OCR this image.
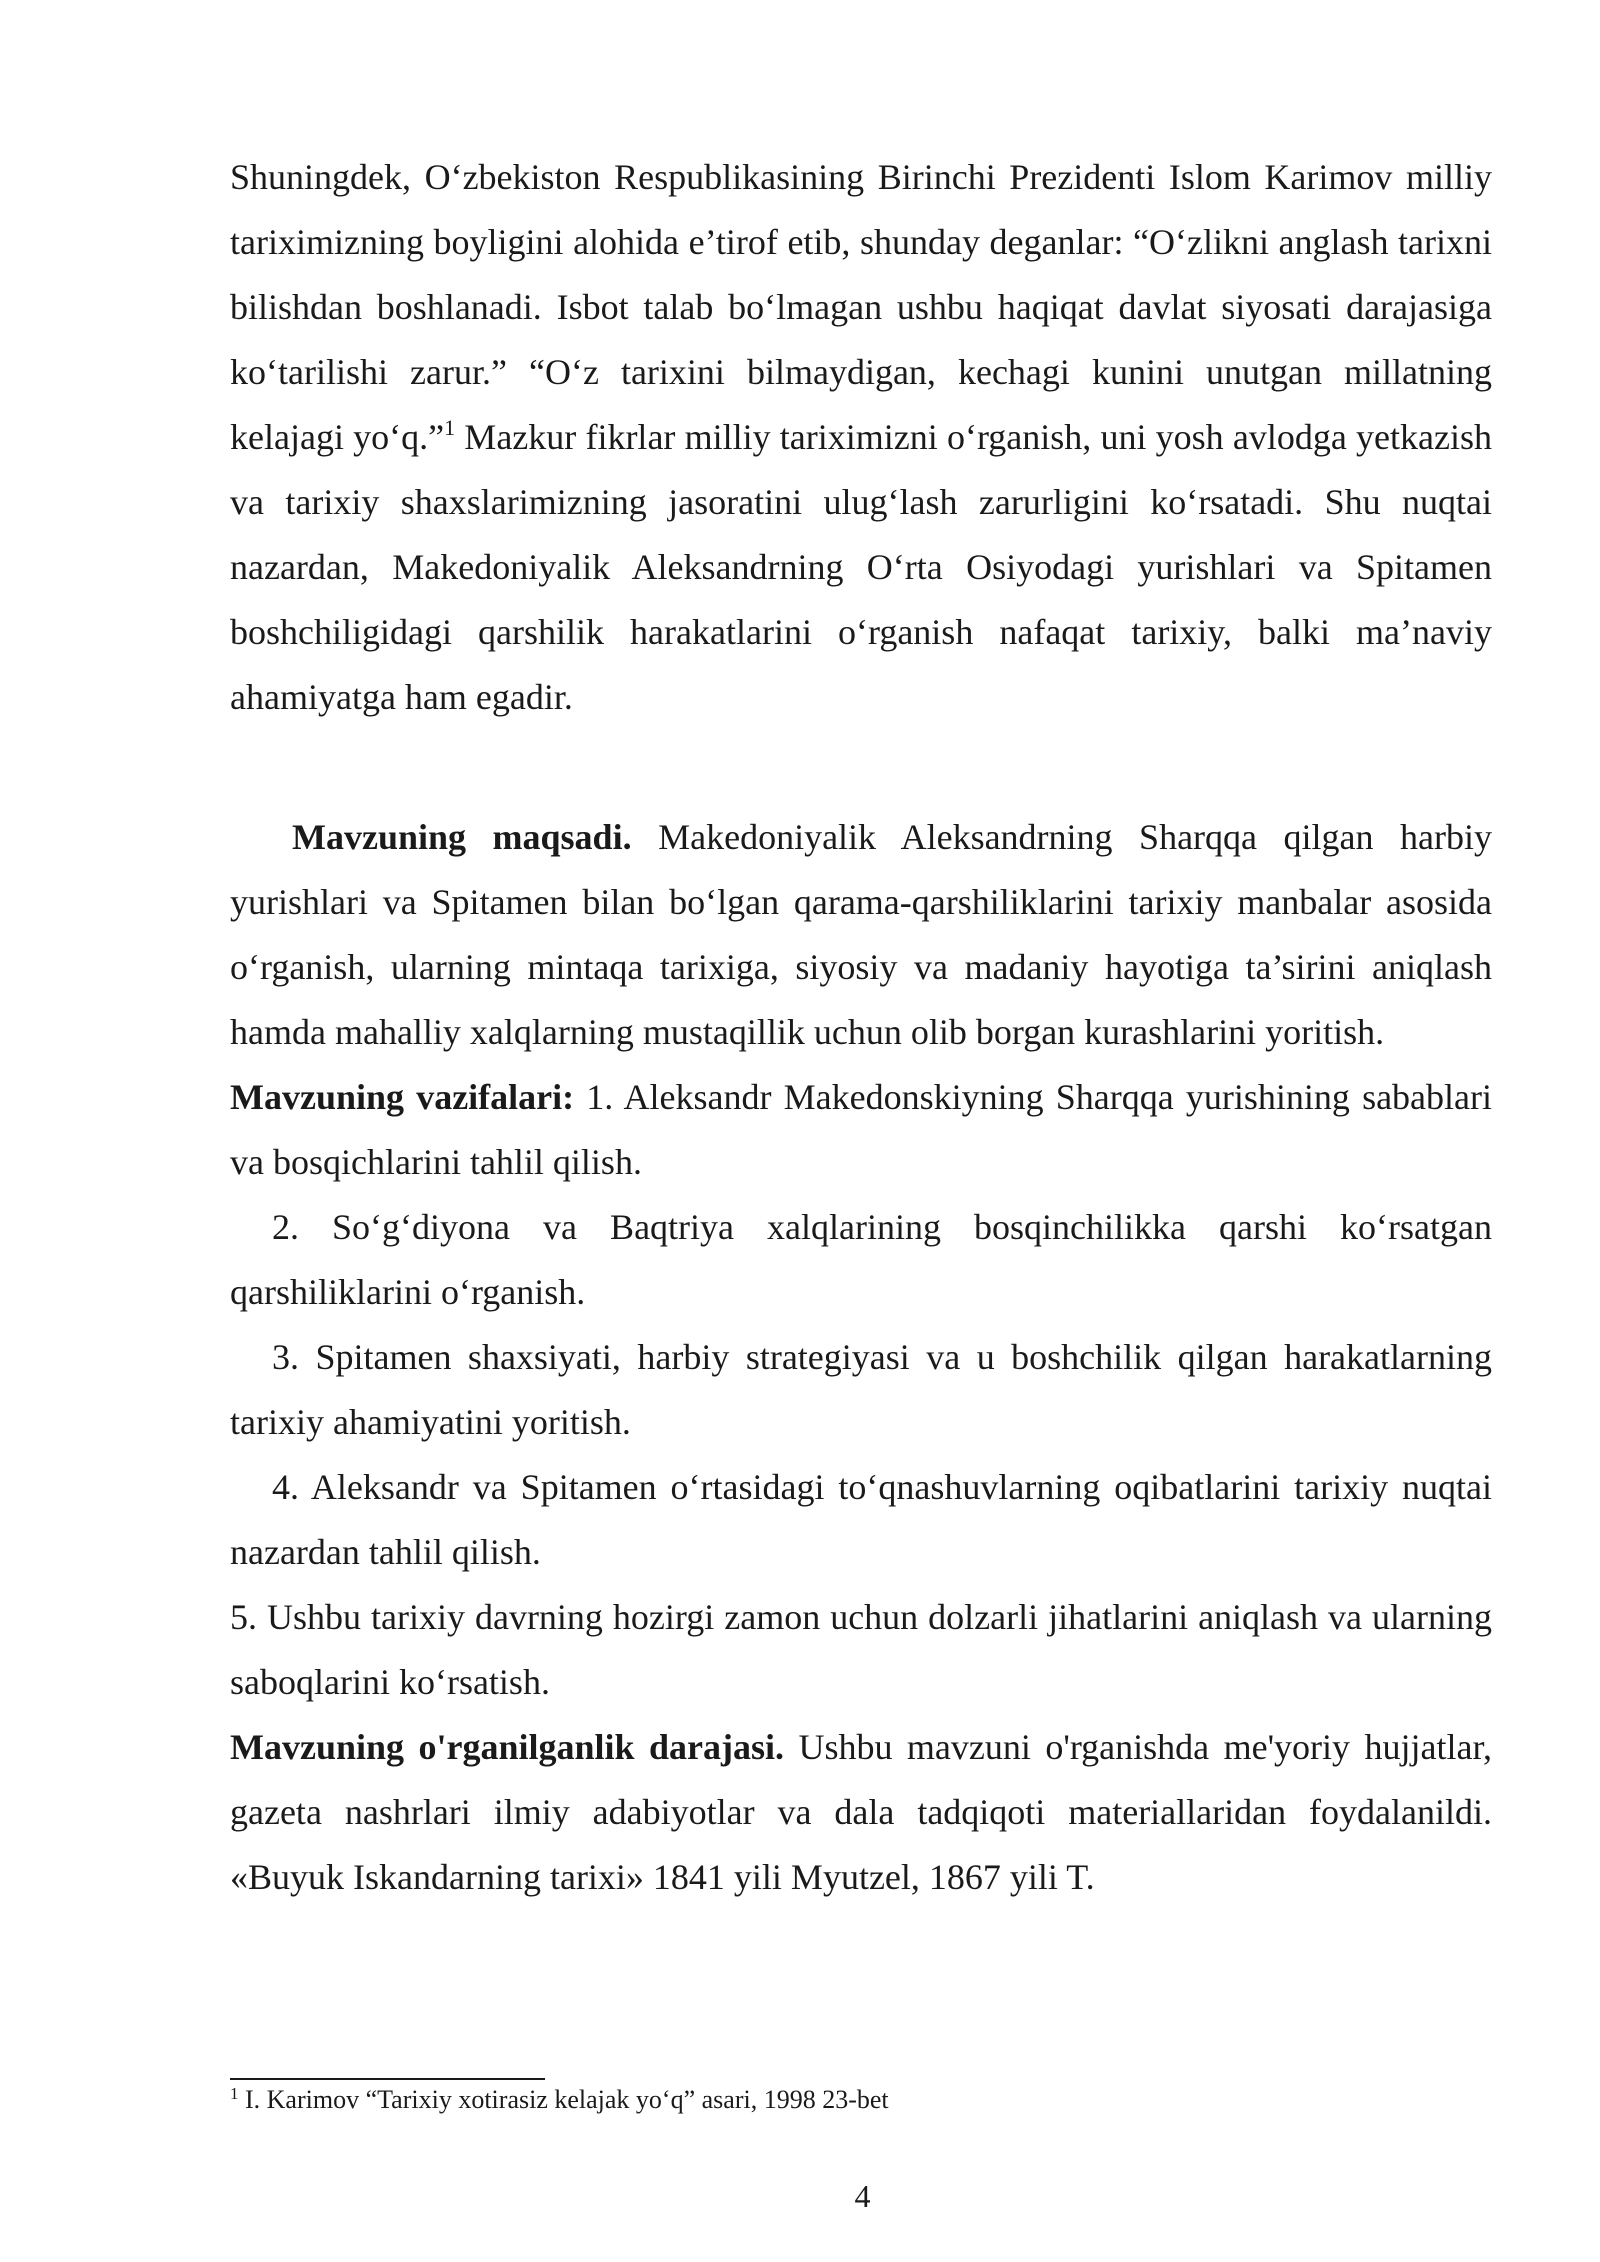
Shuningdek, O‘zbekiston Respublikasining Birinchi Prezidenti Islom Karimov milliy tariximizning boyligini alohida e’tirof etib, shunday deganlar: “O‘zlikni anglash tarixni bilishdan boshlanadi. Isbot talab bo‘lmagan ushbu haqiqat davlat siyosati darajasiga ko‘tarilishi zarur.” “O‘z tarixini bilmaydigan, kechagi kunini unutgan millatning kelajagi yo‘q.”$^1$ Mazkur fikrlar milliy tariximizni o‘rganish, uni yosh avlodga yetkazish va tarixiy shaxslarimizning jasoratini ulug‘lash zarurligini ko‘rsatadi. Shu nuqtai nazardan, Makedoniyalik Aleksandrning O‘rta Osiyodagi yurishlari va Spitamen boshchiligidagi qarshilik harakatlarini o‘rganish nafaqat tarixiy, balki ma’naviy ahamiyatga ham egadir.

Mavzuning maqsadi. Makedoniyalik Aleksandrning Sharqqa qilgan harbiy yurishlari va Spitamen bilan bo‘lgan qarama-qarshiliklarini tarixiy manbalar asosida o‘rganish, ularning mintaqa tarixiga, siyosiy va madaniy hayotiga ta’sirini aniqlash hamda mahalliy xalqlarning mustaqillik uchun olib borgan kurashlarini yoritish.

Mavzuning vazifalari: 1. Aleksandr Makedonskiyning Sharqqa yurishining sabablari va bosqichlarini tahlil qilish.

2. So‘g‘diyona va Baqtriya xalqlarining bosqinchilikka qarshi ko‘rsatgan qarshiliklarini o‘rganish.

3. Spitamen shaxsiyati, harbiy strategiyasi va u boshchilik qilgan harakatlarning tarixiy ahamiyatini yoritish.

4. Aleksandr va Spitamen o‘rtasidagi to‘qnashuvlarning oqibatlarini tarixiy nuqtai nazardan tahlil qilish.

5. Ushbu tarixiy davrning hozirgi zamon uchun dolzarli jihatlarini aniqlash va ularning saboqlarini ko‘rsatish.

Mavzuning o'rganilganlik darajasi. Ushbu mavzuni o'rganishda me'yoriy hujjatlar, gazeta nashrlari ilmiy adabiyotlar va dala tadqiqoti materiallaridan foydalanildi. «Buyuk Iskandarning tarixi» 1841 yili Myutzel, 1867 yili T.

$^1$ I. Karimov “Tarixiy xotirasiz kelajak yo‘q” asari, 1998 23-bet
4
